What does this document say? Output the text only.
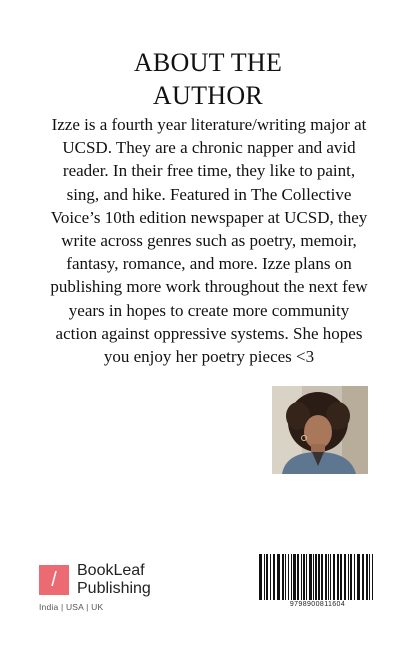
ABOUT THE
AUTHOR

Izze is a fourth year literature/writing major at UCSD. They are a chronic napper and avid reader. In their free time, they like to paint, sing, and hike. Featured in The Collective Voice’s 10th edition newspaper at UCSD, they write across genres such as poetry, memoir, fantasy, romance, and more. Izze plans on publishing more work throughout the next few years in hopes to create more community action against oppressive systems. She hopes you enjoy her poetry pieces <3

/	BookLeaf
Publishing
India | USA | UK	9798900811604
